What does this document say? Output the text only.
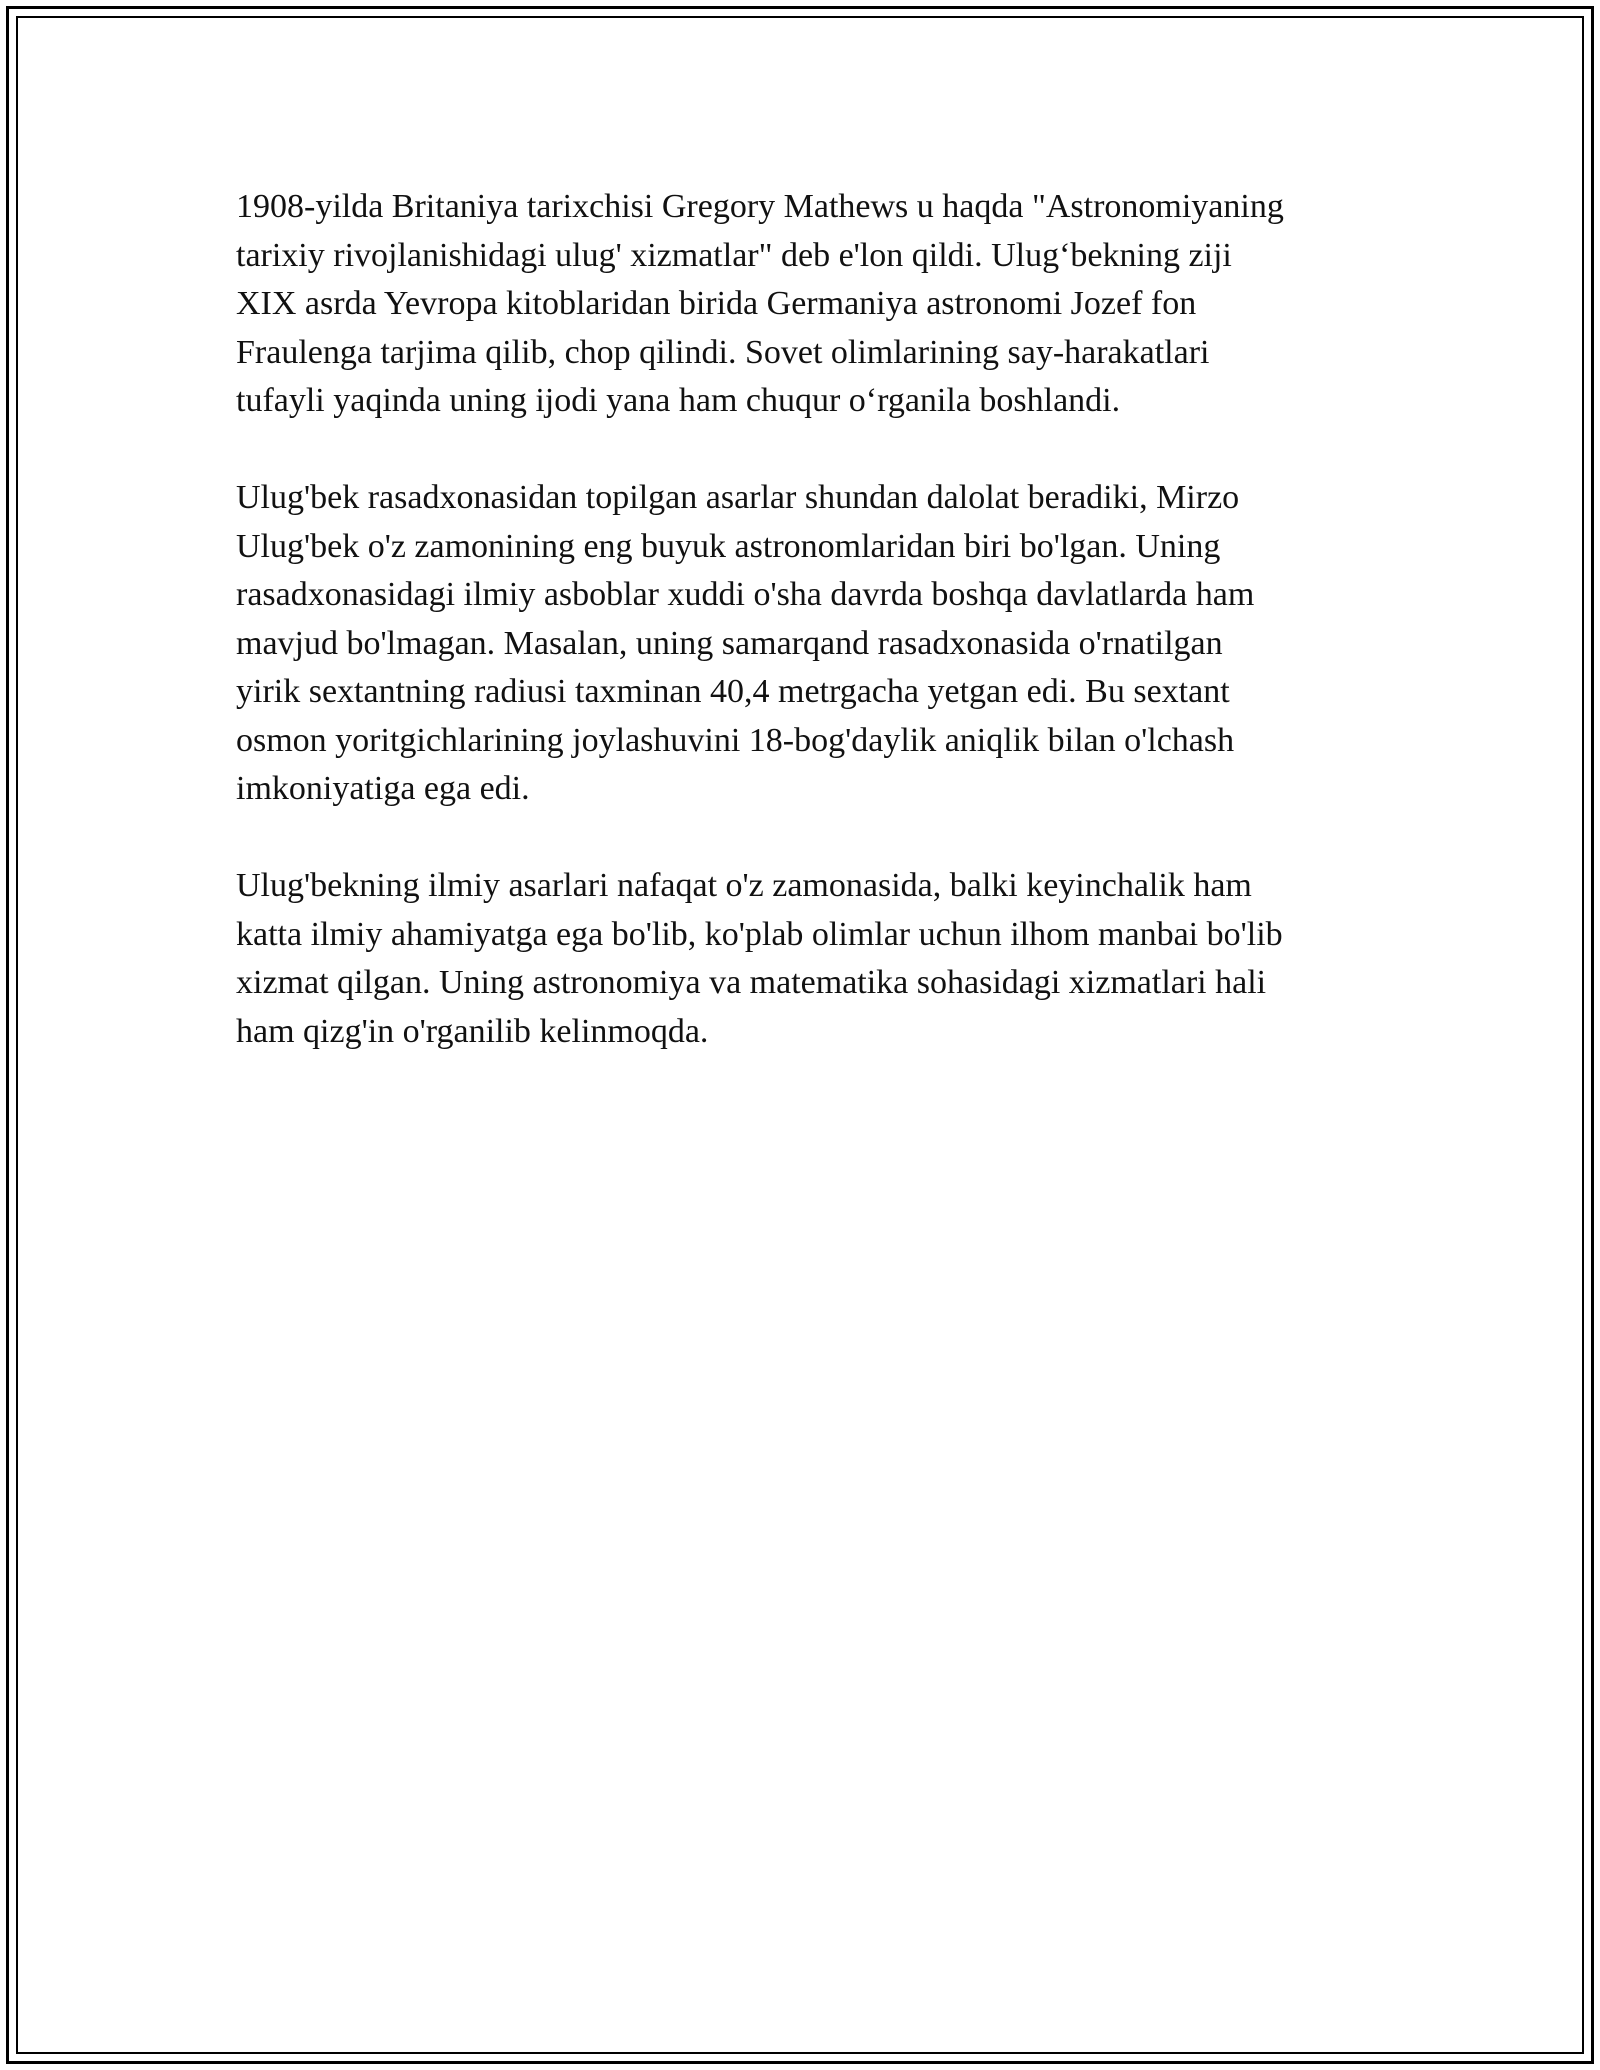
1908-yilda Britaniya tarixchisi Gregory Mathews u haqda "Astronomiyaning
tarixiy rivojlanishidagi ulug' xizmatlar" deb e'lon qildi. Ulug‘bekning ziji
XIX asrda Yevropa kitoblaridan birida Germaniya astronomi Jozef fon
Fraulenga tarjima qilib, chop qilindi. Sovet olimlarining say-harakatlari
tufayli yaqinda uning ijodi yana ham chuqur o‘rganila boshlandi.

Ulug'bek rasadxonasidan topilgan asarlar shundan dalolat beradiki, Mirzo
Ulug'bek o'z zamonining eng buyuk astronomlaridan biri bo'lgan. Uning
rasadxonasidagi ilmiy asboblar xuddi o'sha davrda boshqa davlatlarda ham
mavjud bo'lmagan. Masalan, uning samarqand rasadxonasida o'rnatilgan
yirik sextantning radiusi taxminan 40,4 metrgacha yetgan edi. Bu sextant
osmon yoritgichlarining joylashuvini 18-bog'daylik aniqlik bilan o'lchash
imkoniyatiga ega edi.

Ulug'bekning ilmiy asarlari nafaqat o'z zamonasida, balki keyinchalik ham
katta ilmiy ahamiyatga ega bo'lib, ko'plab olimlar uchun ilhom manbai bo'lib
xizmat qilgan. Uning astronomiya va matematika sohasidagi xizmatlari hali
ham qizg'in o'rganilib kelinmoqda.
